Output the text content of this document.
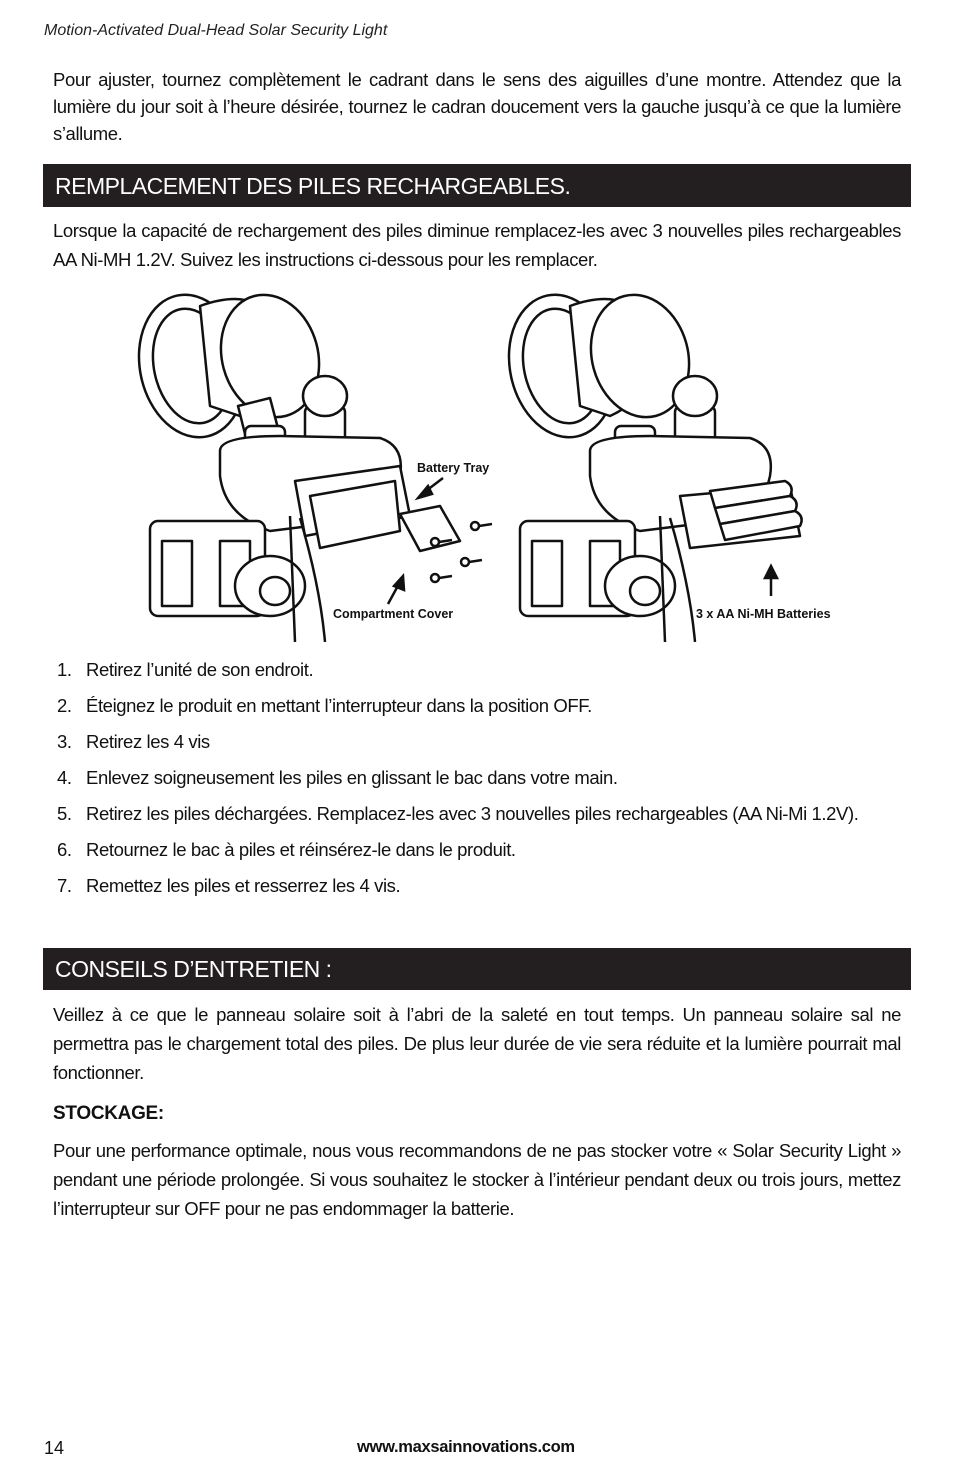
Motion-Activated Dual-Head Solar Security Light

Pour ajuster, tournez complètement le cadrant dans le sens des aiguilles d’une montre. Attendez que la lumière du jour soit à l’heure désirée, tournez le cadran doucement vers la gauche jusqu’à ce que la lumière s’allume.

REMPLACEMENT DES PILES RECHARGEABLES.

Lorsque la capacité de rechargement des piles diminue remplacez-les avec 3 nouvelles piles rechargeables AA Ni-MH 1.2V. Suivez les instructions ci-dessous pour les remplacer.

Battery Tray
Compartment Cover	3 x AA Ni-MH Batteries
1. Retirez l’unité de son endroit.
2. Éteignez le produit en mettant l’interrupteur dans la position OFF.
3. Retirez les 4 vis
4. Enlevez soigneusement les piles en glissant le bac dans votre main.
5. Retirez les piles déchargées. Remplacez-les avec 3 nouvelles piles rechargeables (AA Ni-Mi 1.2V).
6. Retournez le bac à piles et réinsérez-le dans le produit.
7. Remettez les piles et resserrez les 4 vis.
CONSEILS D’ENTRETIEN :

Veillez à ce que le panneau solaire soit à l’abri de la saleté en tout temps. Un panneau solaire sal ne permettra pas le chargement total des piles. De plus leur durée de vie sera réduite et la lumière pourrait mal fonctionner.

STOCKAGE:

Pour une performance optimale, nous vous recommandons de ne pas stocker votre « Solar Security Light » pendant une période prolongée. Si vous souhaitez le stocker à l’intérieur pendant deux ou trois jours, mettez l’interrupteur sur OFF pour ne pas endommager la batterie.

14	www.maxsainnovations.com
